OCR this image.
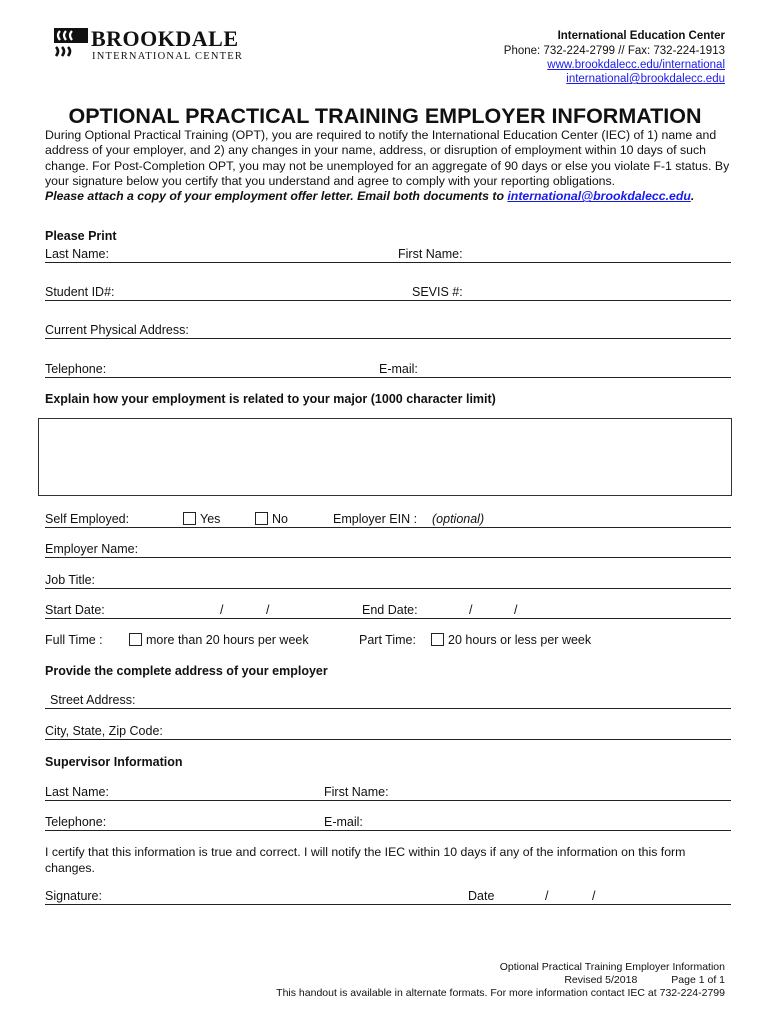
BROOKDALE
INTERNATIONAL CENTER
International Education Center
Phone: 732-224-2799 // Fax: 732-224-1913
www.brookdalecc.edu/international
international@brookdalecc.edu
OPTIONAL PRACTICAL TRAINING EMPLOYER INFORMATION

During Optional Practical Training (OPT), you are required to notify the International Education Center (IEC) of 1) name and address of your employer, and 2) any changes in your name, address, or disruption of employment within 10 days of such change. For Post-Completion OPT, you may not be unemployed for an aggregate of 90 days or else you violate F-1 status. By your signature below you certify that you understand and agree to comply with your reporting obligations.

Please attach a copy of your employment offer letter. Email both documents to international@brookdalecc.edu.

Please Print
Last Name:	First Name:
Student ID#:	SEVIS #:
Current Physical Address:
Telephone:	E-mail:
Explain how your employment is related to your major (1000 character limit)
Self Employed:	Yes	No	Employer EIN : (optional)
Employer Name:
Job Title:
Start Date:	/	/	End Date:	/	/
Full Time :	more than 20 hours per week	Part Time:	20 hours or less per week
Provide the complete address of your employer
Street Address:
City, State, Zip Code:
Supervisor Information
Last Name:	First Name:
Telephone:	E-mail:
I certify that this information is true and correct. I will notify the IEC within 10 days if any of the information on this form changes.
Signature:	Date	/	/
Optional Practical Training Employer Information
Revised 5/2018	Page 1 of 1
This handout is available in alternate formats. For more information contact IEC at 732-224-2799
